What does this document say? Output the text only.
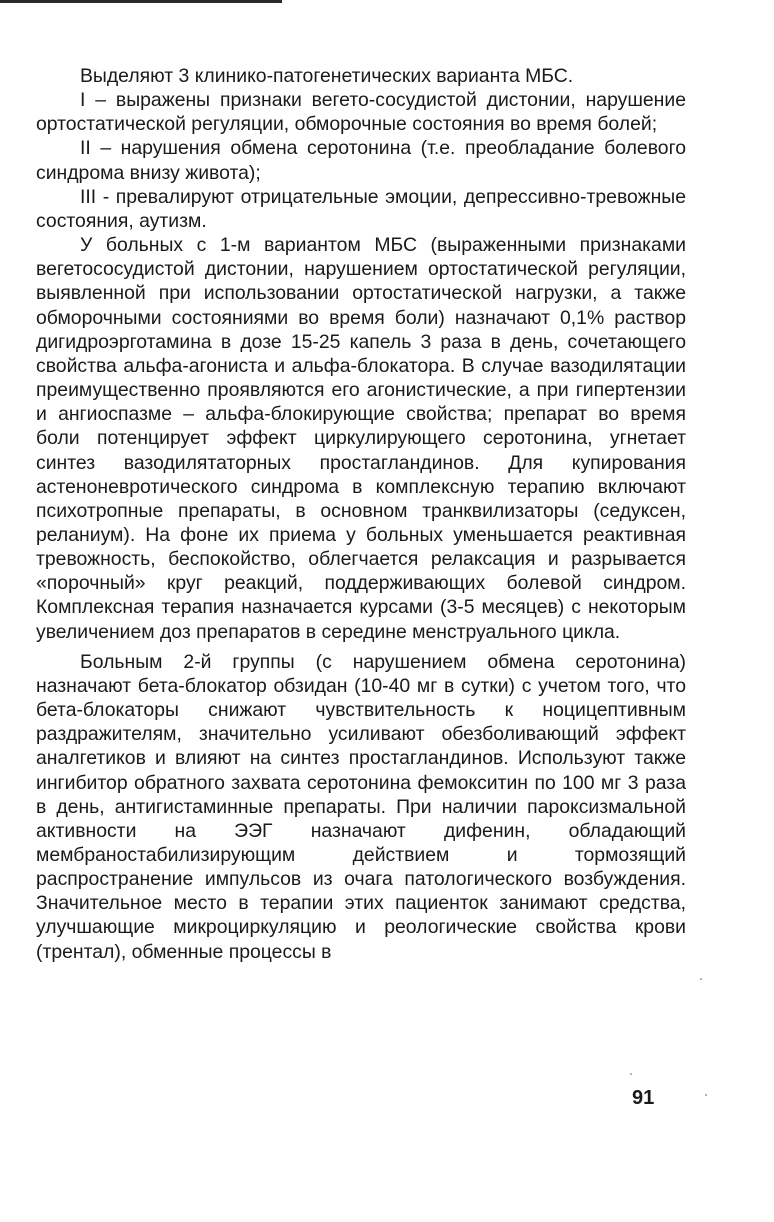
Выделяют 3 клинико-патогенетических варианта МБС.

I – выражены признаки вегето-сосудистой дистонии, нарушение ортостатической регуляции, обморочные состояния во время болей;

II – нарушения обмена серотонина (т.е. преобладание болевого синдрома внизу живота);

III - превалируют отрицательные эмоции, депрессивно-тревожные состояния, аутизм.

У больных с 1-м вариантом МБС (выраженными признаками вегетососудистой дистонии, нарушением ортостатической регуляции, выявленной при использовании ортостатической нагрузки, а также обморочными состояниями во время боли) назначают 0,1% раствор дигидроэрготамина в дозе 15-25 капель 3 раза в день, сочетающего свойства альфа-агониста и альфа-блокатора. В случае вазодилятации преимущественно проявляются его агонистические, а при гипертензии и ангиоспазме – альфа-блокирующие свойства; препарат во время боли потенцирует эффект циркулирующего серотонина, угнетает синтез вазодилятаторных простагландинов. Для купирования астеноневротического синдрома в комплексную терапию включают психотропные препараты, в основном транквилизаторы (седуксен, реланиум). На фоне их приема у больных уменьшается реактивная тревожность, беспокойство, облегчается релаксация и разрывается «порочный» круг реакций, поддерживающих болевой синдром. Комплексная терапия назначается курсами (3-5 месяцев) с некоторым увеличением доз препаратов в середине менструального цикла.

Больным 2-й группы (с нарушением обмена серотонина) назначают бета-блокатор обзидан (10-40 мг в сутки) с учетом того, что бета-блокаторы снижают чувствительность к ноцицептивным раздражителям, значительно усиливают обезболивающий эффект аналгетиков и влияют на синтез простагландинов. Используют также ингибитор обратного захвата серотонина фемокситин по 100 мг 3 раза в день, антигистаминные препараты. При наличии пароксизмальной активности на ЭЭГ назначают дифенин, обладающий мембраностабилизирующим действием и тормозящий распространение импульсов из очага патологического возбуждения. Значительное место в терапии этих пациенток занимают средства, улучшающие микроциркуляцию и реологические свойства крови (трентал), обменные процессы в

91
